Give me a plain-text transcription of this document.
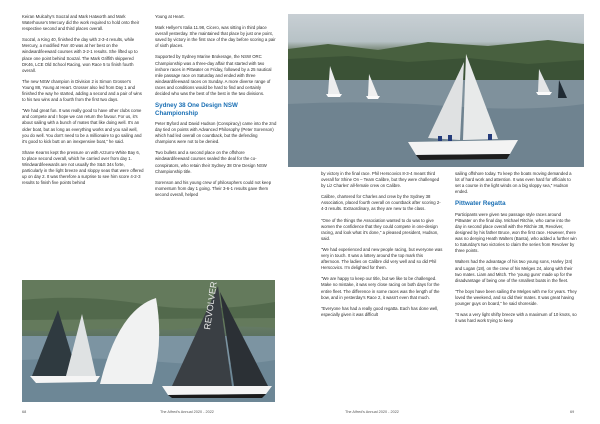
REVOLVER

Keiran Mulcahy's Soozal and Mark Hatworth and Mark Waterhouse's Mercury did the work required to hold onto their respective second and third places overall.

Soozal, a King 40, finished the day with 2-3-4 results, while Mercury, a modified Farr 40 was at her best on the windward/leeward courses with 3-2-1 results. She lifted up to place one point behind Soozal. The Mark Griffith skippered DK46, LCE Old School Racing, won Race 5 to finish fourth overall.

The new NSW champion in Division 2 is Simon Grosser's Young 88, Young at Heart. Grosser also led from Day 1 and finished the way he started, adding a second and a pair of wins to his two wins and a fourth from the first two days.

"We had great fun. It was really good to have other clubs come and compete and I hope we can return the favour. For us, it's about sailing with a bunch of mates that like doing well. It's an older boat, but as long as everything works and you sail well, you do well. You don't need to be a millionaire to go sailing and it's good to kick butt on an inexpensive boat," he said.

Shane Kearns kept the pressure on with Azzurro-White Bay 6, to place second overall, which he carried over from day 1. Windward/leewards are not usually the S&S 34s forte, particularly in the light breeze and sloppy seas that were offered up on day 2. It was therefore a surprise to see him score 4-2-3 results to finish five points behind

Young at Heart.

Mark Hellyer's Italia 11.98, Cicero, was sitting in third place overall yesterday. She maintained that place by just one point, saved by victory in the first race of the day before scoring a pair of sixth places.

Supported by Sydney Marine Brokerage, the NSW ORC Championship was a three-day affair that started with two inshore races in Pittwater on Friday, followed by a 25 nautical mile passage race on Saturday and ended with three windward/leeward races on Sunday. A more diverse range of races and conditions would be hard to find and certainly decided who was the best of the best in the two divisions.

Sydney 38 One Design NSW Championship

Peter Byford and David Hudson (Conspiracy) came into the 2nd day tied on points with Advanced Philosophy (Peter Sorenson) which had led overall on countback, but the defending champions were not to be denied.

Two bullets and a second place on the offshore windward/leeward courses sealed the deal for the co-conspirators, who retain their Sydney 38 One Design NSW Championship title.

Sorenson and his young crew of philosophers could not keep momentum from day 1 going. Their 3-6-1 results gave them second overall, helped

by victory in the final race. Phil Herscovics 8-3-4 meant third overall for Shine On – Team Calibre, but they were challenged by Liz Charles' all-female crew on Calibre.

Calibre, chartered for Charles and crew by the Sydney 38 Association, placed fourth overall on countback after scoring 2-4-3 results. Extraordinary, as they are new to the class.

"One of the things the Association wanted to do was to give women the confidence that they could compete in one-design racing, and look what it's done," a pleased president, Hudson, said.

"We had experienced and new people racing, but everyone was very in touch. It was a lottery around the top mark this afternoon. The ladies on Calibre did very well and so did Phil Herscovics. I'm delighted for them.

"We are happy to keep our title, but we like to be challenged. Make no mistake, it was very close racing on both days for the entire fleet. The difference in some races was the length of the bow, and in yesterday's Race 2, it wasn't even that much.

"Everyone has had a really good regatta. Each has done well, especially given it was difficult

sailing offshore today. To keep the boats moving demanded a lot of hard work and attention. It was even hard for officials to set a course in the light winds on a big sloppy sea," Hudson ended.

Pittwater Regatta

Participants were given two passage style races around Pittwater on the final day. Michael Ritchie, who came into the day in second place overall with the Ritchie 38, Revolver, designed by his father Bruce, won the first race. However, there was no denying Heath Walters (Banta), who added a further win to Saturday's two victories to claim the series from Revolver by three points.

Walters had the advantage of his two young sons, Harley (24) and Logan (18), on the crew of his Melges 24, along with their two mates. Liam and Mitch. The 'young guns' made up for the disadvantage of being one of the smallest boats in the fleet.

"The boys have been sailing the Melges with me for years. They loved the weekend, and so did their mates. It was great having younger guys on board," he said shoreside.

"It was a very light shifty breeze with a maximum of 10 knots, so it was hard work trying to keep

68	The Alfred's Annual 2020 - 2022	The Alfred's Annual 2020 - 2022	69
